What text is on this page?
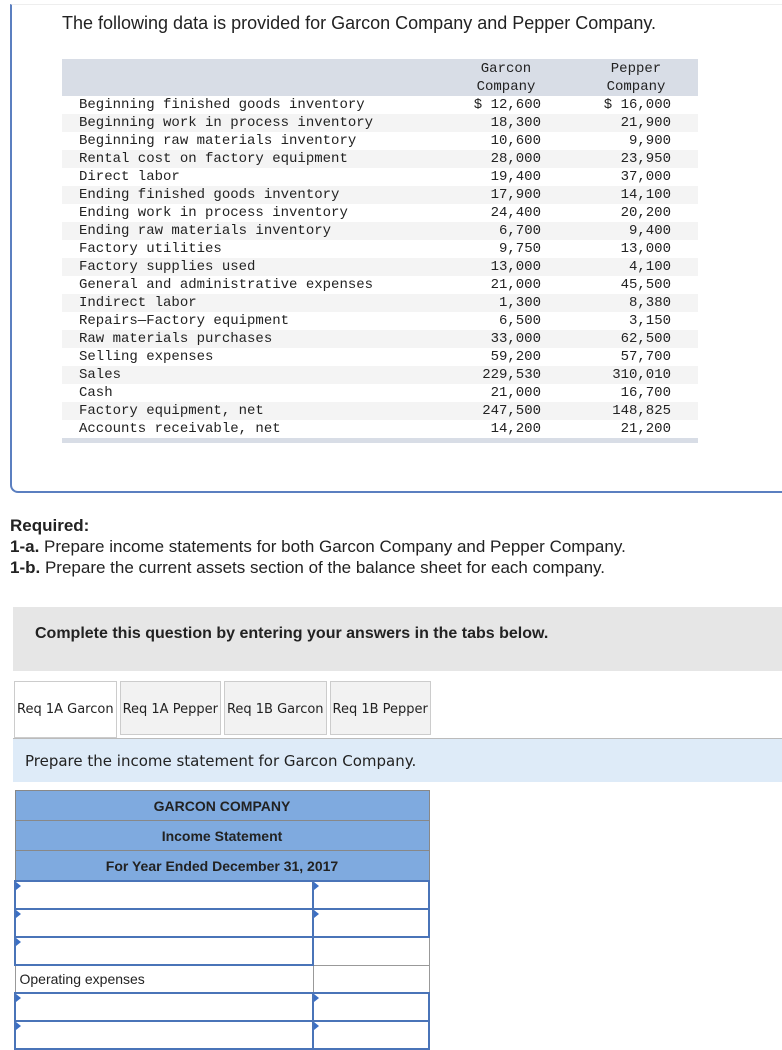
The following data is provided for Garcon Company and Pepper Company.
	Garcon Company	Pepper Company
Beginning finished goods inventory	$ 12,600	$ 16,000
Beginning work in process inventory	18,300	21,900
Beginning raw materials inventory	10,600	9,900
Rental cost on factory equipment	28,000	23,950
Direct labor	19,400	37,000
Ending finished goods inventory	17,900	14,100
Ending work in process inventory	24,400	20,200
Ending raw materials inventory	6,700	9,400
Factory utilities	9,750	13,000
Factory supplies used	13,000	4,100
General and administrative expenses	21,000	45,500
Indirect labor	1,300	8,380
Repairs—Factory equipment	6,500	3,150
Raw materials purchases	33,000	62,500
Selling expenses	59,200	57,700
Sales	229,530	310,010
Cash	21,000	16,700
Factory equipment, net	247,500	148,825
Accounts receivable, net	14,200	21,200
Required:
1-a. Prepare income statements for both Garcon Company and Pepper Company.
1-b. Prepare the current assets section of the balance sheet for each company.
Complete this question by entering your answers in the tabs below.
Req 1A Garcon Req 1A Pepper Req 1B Garcon Req 1B Pepper
Prepare the income statement for Garcon Company.
GARCON COMPANY	
Income Statement	
For Year Ended December 31, 2017	

Operating expenses	
